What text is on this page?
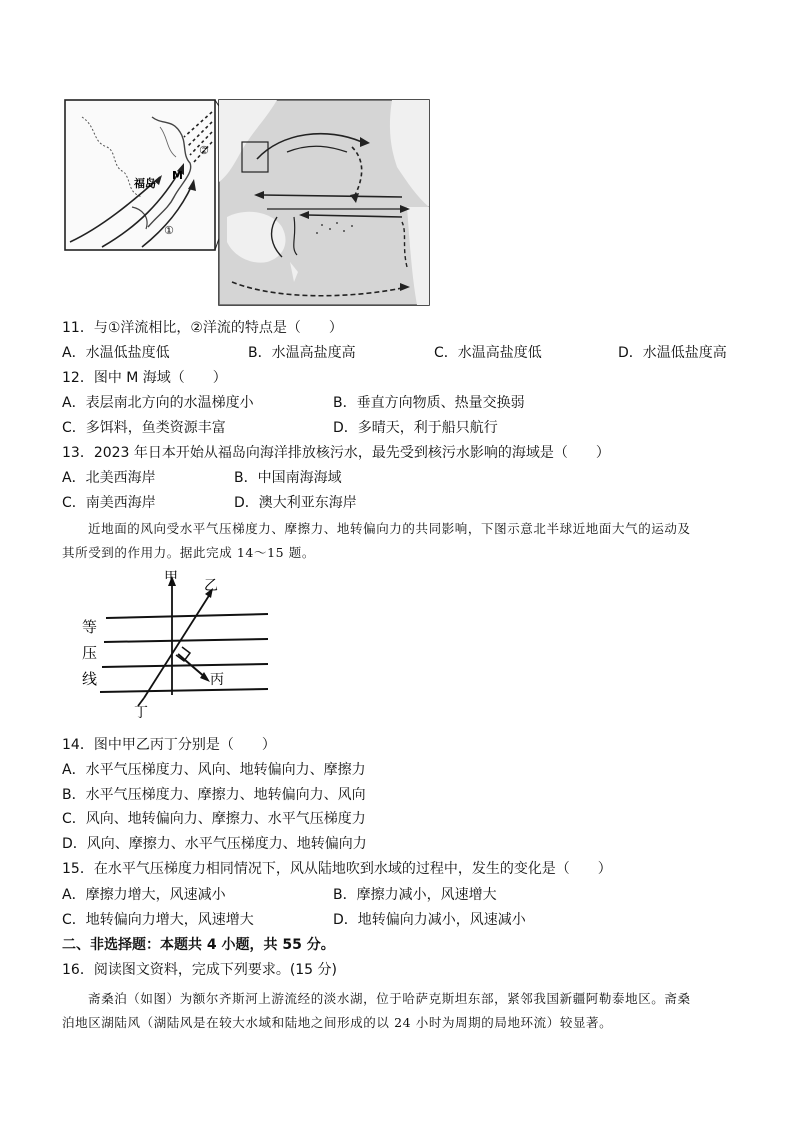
福岛
M
①
②
11．与①洋流相比，②洋流的特点是（　　）
A．水温低盐度低	B．水温高盐度高	C．水温高盐度低	D．水温低盐度高
12．图中 M 海域（　　）
A．表层南北方向的水温梯度小	B．垂直方向物质、热量交换弱
C．多饵料，鱼类资源丰富	D．多晴天，利于船只航行
13．2023 年日本开始从福岛向海洋排放核污水，最先受到核污水影响的海域是（　　）
A．北美西海岸	B．中国南海海域
C．南美西海岸	D．澳大利亚东海岸
近地面的风向受水平气压梯度力、摩擦力、地转偏向力的共同影响，下图示意北半球近地面大气的运动及
其所受到的作用力。据此完成 14～15 题。
甲 乙
丙
丁
等
压
线
14．图中甲乙丙丁分别是（　　）
A．水平气压梯度力、风向、地转偏向力、摩擦力
B．水平气压梯度力、摩擦力、地转偏向力、风向
C．风向、地转偏向力、摩擦力、水平气压梯度力
D．风向、摩擦力、水平气压梯度力、地转偏向力
15．在水平气压梯度力相同情况下，风从陆地吹到水域的过程中，发生的变化是（　　）
A．摩擦力增大，风速减小	B．摩擦力减小，风速增大
C．地转偏向力增大，风速增大	D．地转偏向力减小，风速减小
二、非选择题：本题共 4 小题，共 55 分。
16．阅读图文资料，完成下列要求。(15 分)
斋桑泊（如图）为额尔齐斯河上游流经的淡水湖，位于哈萨克斯坦东部，紧邻我国新疆阿勒泰地区。斋桑
泊地区湖陆风（湖陆风是在较大水域和陆地之间形成的以 24 小时为周期的局地环流）较显著。
